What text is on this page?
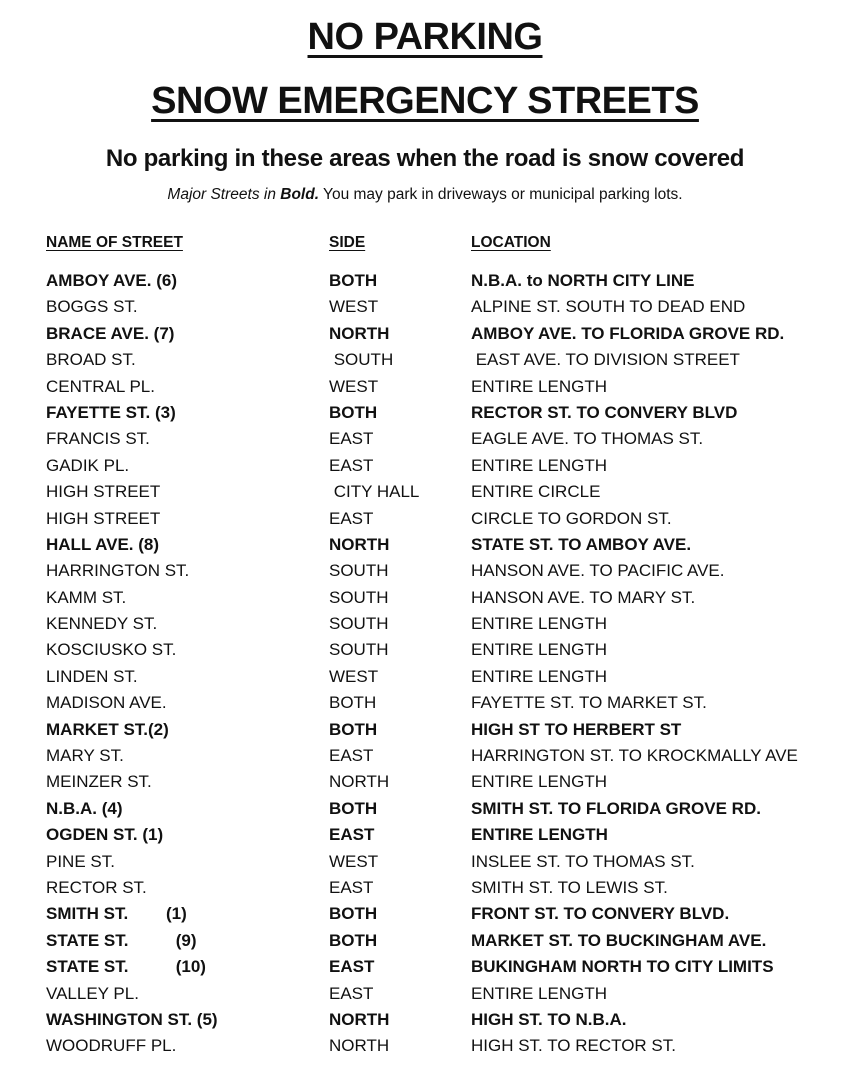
NO PARKING
SNOW EMERGENCY STREETS
No parking in these areas when the road is snow covered
Major Streets in Bold. You may park in driveways or municipal parking lots.
NAME OF STREET	SIDE	LOCATION
AMBOY AVE. (6)	BOTH	N.B.A. to NORTH CITY LINE
BOGGS ST.	WEST	ALPINE ST. SOUTH TO DEAD END
BRACE AVE. (7)	NORTH	AMBOY AVE. TO FLORIDA GROVE RD.
BROAD ST.	SOUTH	EAST AVE. TO DIVISION STREET
CENTRAL PL.	WEST	ENTIRE LENGTH
FAYETTE ST. (3)	BOTH	RECTOR ST. TO CONVERY BLVD
FRANCIS ST.	EAST	EAGLE AVE. TO THOMAS ST.
GADIK PL.	EAST	ENTIRE LENGTH
HIGH STREET	CITY HALL	ENTIRE CIRCLE
HIGH STREET	EAST	CIRCLE TO GORDON ST.
HALL AVE. (8)	NORTH	STATE ST. TO AMBOY AVE.
HARRINGTON ST.	SOUTH	HANSON AVE. TO PACIFIC AVE.
KAMM ST.	SOUTH	HANSON AVE. TO MARY ST.
KENNEDY ST.	SOUTH	ENTIRE LENGTH
KOSCIUSKO ST.	SOUTH	ENTIRE LENGTH
LINDEN ST.	WEST	ENTIRE LENGTH
MADISON AVE.	BOTH	FAYETTE ST. TO MARKET ST.
MARKET ST.(2)	BOTH	HIGH ST TO HERBERT ST
MARY ST.	EAST	HARRINGTON ST. TO KROCKMALLY AVE
MEINZER ST.	NORTH	ENTIRE LENGTH
N.B.A. (4)	BOTH	SMITH ST. TO FLORIDA GROVE RD.
OGDEN ST. (1)	EAST	ENTIRE LENGTH
PINE ST.	WEST	INSLEE ST. TO THOMAS ST.
RECTOR ST.	EAST	SMITH ST. TO LEWIS ST.
SMITH ST.        (1)	BOTH	FRONT ST. TO CONVERY BLVD.
STATE ST.          (9)	BOTH	MARKET ST. TO BUCKINGHAM AVE.
STATE ST.          (10)	EAST	BUKINGHAM NORTH TO CITY LIMITS
VALLEY PL.	EAST	ENTIRE LENGTH
WASHINGTON ST. (5)	NORTH	HIGH ST. TO N.B.A.
WOODRUFF PL.	NORTH	HIGH ST. TO RECTOR ST.
